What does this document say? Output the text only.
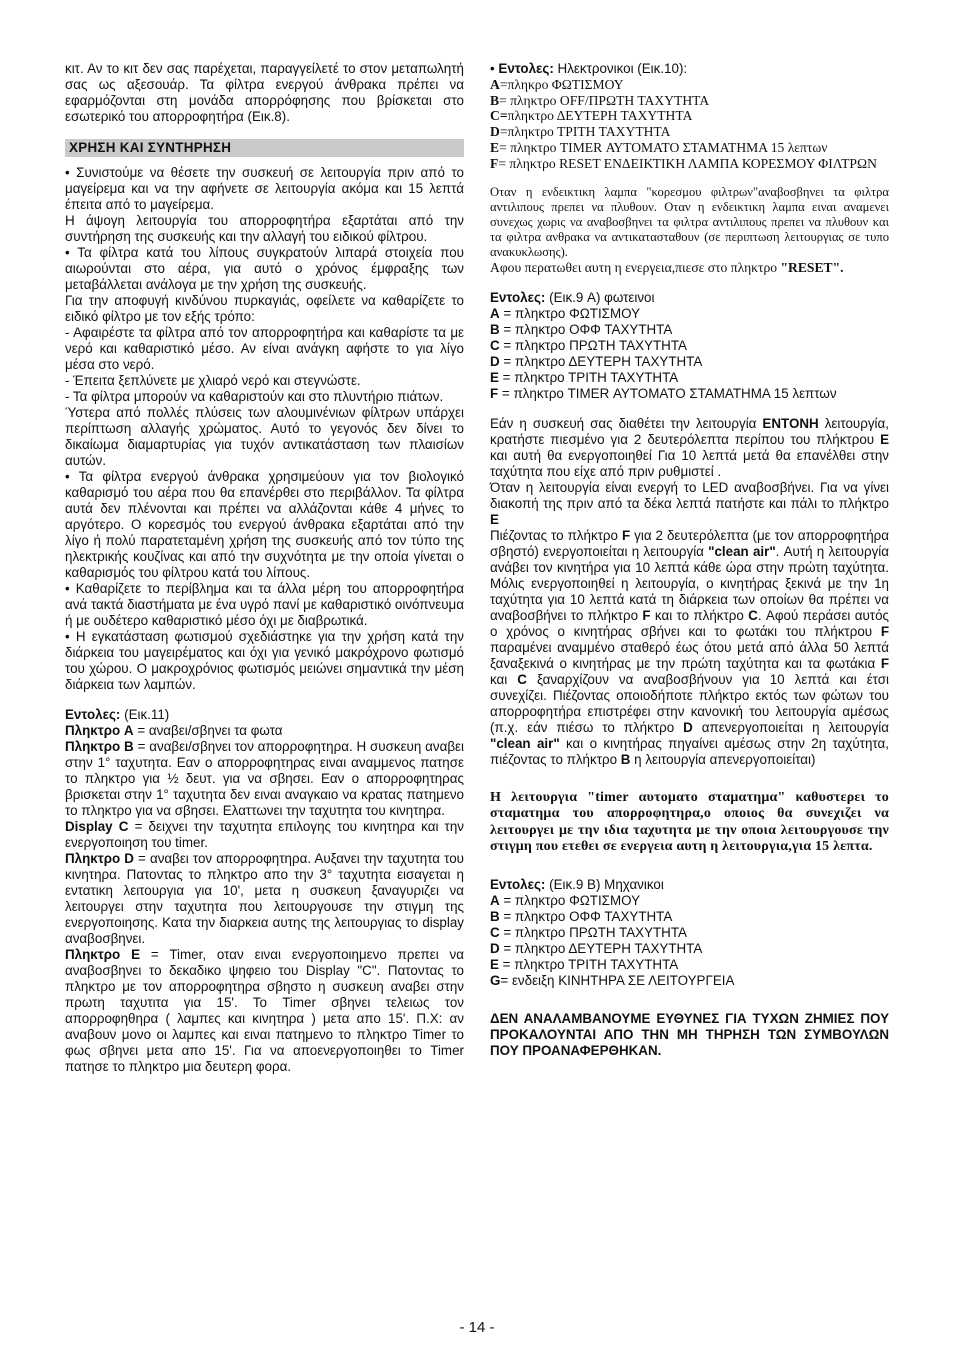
κιτ. Αν το κιτ δεν σας παρέχεται, παραγγείλετέ το στον μεταπωλητή σας ως αξεσουάρ. Τα φίλτρα ενεργού άνθρακα πρέπει να εφαρμόζονται στη μονάδα απορρόφησης που βρίσκεται στο εσωτερικό του απορροφητήρα (Εικ.8).

ΧΡΗΣΗ ΚΑΙ ΣΥΝΤΗΡΗΣΗ

• Συνιστούμε να θέσετε την συσκευή σε λειτουργία πριν από το μαγείρεμα και να την αφήνετε σε λειτουργία ακόμα και 15 λεπτά έπειτα από το μαγείρεμα.

Η άψογη λειτουργία του απορροφητήρα εξαρτάται από την συντήρηση της συσκευής και την αλλαγή του ειδικού φίλτρου.

• Τα φίλτρα κατά του λίπους συγκρατούν λιπαρά στοιχεία που αιωρούνται στο αέρα, για αυτό ο χρόνος έμφραξης των μεταβάλλεται ανάλογα με την χρήση της συσκευής.

Για την αποφυγή κινδύνου πυρκαγιάς, οφείλετε να καθαρίζετε το ειδικό φίλτρο με τον εξής τρόπο:

- Αφαιρέστε τα φίλτρα από τον απορροφητήρα και καθαρίστε τα με νερό και καθαριστικό μέσο. Αν είναι ανάγκη αφήστε το για λίγο μέσα στο νερό.

- Έπειτα ξεπλύνετε με χλιαρό νερό και στεγνώστε.

- Τα φίλτρα μπορούν να καθαριστούν και στο πλυντήριο πιάτων.

Ύστερα από πολλές πλύσεις των αλουμινένιων φίλτρων υπάρχει περίπτωση αλλαγής χρώματος. Αυτό το γεγονός δεν δίνει το δικαίωμα διαμαρτυρίας για τυχόν αντικατάσταση των πλαισίων αυτών.

• Τα φίλτρα ενεργού άνθρακα χρησιμεύουν για τον βιολογικό καθαρισμό του αέρα που θα επανέρθει στο περιβάλλον. Τα φίλτρα αυτά δεν πλένονται και πρέπει να αλλάζονται κάθε 4 μήνες το αργότερο. Ο κορεσμός του ενεργού άνθρακα εξαρτάται από την λίγο ή πολύ παρατεταμένη χρήση της συσκευής από τον τύπο της ηλεκτρικής κουζίνας και από την συχνότητα με την οποία γίνεται ο καθαρισμός του φίλτρου κατά του λίπους.

• Καθαρίζετε το περίβλημα και τα άλλα μέρη του απορροφητήρα ανά τακτά διαστήματα με ένα υγρό πανί με καθαριστικό οινόπνευμα ή με ουδέτερο καθαριστικό μέσο όχι με διαβρωτικά.

• Η εγκατάσταση φωτισμού σχεδιάστηκε για την χρήση κατά την διάρκεια του μαγειρέματος και όχι για γενικό μακρόχρονο φωτισμό του χώρου. Ο μακροχρόνιος φωτισμός μειώνει σημαντικά την μέση διάρκεια των λαμπών.

Εντολες: (Εικ.11)

Πληκτρο A = αναβει/σβηνει τα φωτα

Πληκτρο B = αναβει/σβηνει τον απορροφητηρα. Η συσκευη αναβει στην 1° ταχυτητα. Εαν ο απορροφητηρας ειναι αναμμενος πατησε το πληκτρο για ½ δευτ. για να σβησει. Εαν ο απορροφητηρας βρισκεται στην 1° ταχυτητα δεν ειναι αναγκαιο να κρατας πατημενο το πληκτρο για να σβησει. Ελαττωνει την ταχυτητα του κινητηρα.

Display C = δειχνει την ταχυτητα επιλογης του κινητηρα και την ενεργοποιηση του timer.

Πληκτρο D = αναβει τον απορροφητηρα. Αυξανει την ταχυτητα του κινητηρα. Πατοντας το πληκτρο απο την 3° ταχυτητα εισαγεται η εντατικη λειτουργια για 10', μετα η συσκευη ξαναγυριζει να λειτουργει στην ταχυτητα που λειτουργουσε την στιγμη της ενεργοποιησης. Κατα την διαρκεια αυτης της λειτουργιας το display αναβοσβηνει.

Πληκτρο E = Timer, οταν ειναι ενεργοποιημενο πρεπει να αναβοσβηνει το δεκαδικο ψηφειο του Display "C". Πατοντας το πληκτρο με τον απορροφητηρα σβηστο η συσκευη αναβει στην πρωτη ταχυτιτα για 15'. Το Timer σβηνει τελειως τον απορροφηθηρα ( λαμπες και κινητηρα ) μετα απο 15'. Π.Χ: αν αναβουν μονο οι λαμπες και ειναι πατημενο το πληκτρο Timer το φως σβηνει μετα απο 15'. Για να αποενεργοποιηθει το Timer πατησε το πληκτρο μια δευτερη φορα.

• Εντολες: Ηλεκτρονικοι (Εικ.10):

A=πληκρο ΦΩΤΙΣΜΟΥ
B= πληκτρο OFF/ΠΡΩΤΗ ΤΑΧΥΤΗΤΑ
C=πληκτρο ΔΕΥΤΕΡΗ ΤΑΧΥΤΗΤΑ
D=πληκτρο ΤΡΙΤΗ ΤΑΧΥΤΗΤΑ
E= πληκτρο TIMER ΑΥΤΟΜΑΤΟ ΣΤΑΜΑΤΗΜΑ 15 λεπτων
F= πληκτρο RESET ΕΝΔΕΙΚΤΙΚΗ ΛΑΜΠΑ ΚΟΡΕΣΜΟΥ ΦΙΛΤΡΩΝ

Οταν η ενδεικτικη λαμπα "κορεσμου φιλτρων"αναβοσβηνει τα φιλτρα αντιλιπους πρεπει να πλυθουν. Οταν η ενδεικτικη λαμπα ειναι αναμενει συνεχως χωρις να αναβοσβηνει τα φιλτρα αντιλιπους πρεπει να πλυθουν και τα φιλτρα ανθρακα να αντικατασταθουν (σε περιπτωση λειτουργιας σε τυπο ανακυκλωσης).

Αφου περατωθει αυτη η ενεργεια,πιεσε στο πληκτρο "RESET".

Εντολες: (Εικ.9 A) φωτεινοι

A = πληκτρο ΦΩΤΙΣΜΟΥ
B = πληκτρο ΟΦΦ ΤΑΧΥΤΗΤΑ
C = πληκτρο ΠΡΩΤΗ ΤΑΧΥΤΗΤΑ
D = πληκτρο ΔΕΥΤΕΡΗ ΤΑΧΥΤΗΤΑ
E = πληκτρο ΤΡΙΤΗ ΤΑΧΥΤΗΤΑ
F = πληκτρο TIMER ΑΥΤΟΜΑΤΟ ΣΤΑΜΑΤΗΜΑ 15 λεπτων

Εάν η συσκευή σας διαθέτει την λειτουργία ΕΝΤΟΝΗ λειτουργία, κρατήστε πιεσμένο για 2 δευτερόλεπτα περίπου του πλήκτρου E και αυτή θα ενεργοποιηθεί Για 10 λεπτά μετά θα επανέλθει στην ταχύτητα που είχε από πριν ρυθμιστεί .

Όταν η λειτουργία είναι ενεργή το LED αναβοσβήνει. Για να γίνει διακοπή της πριν από τα δέκα λεπτά πατήστε και πάλι το πλήκτρο E

Πιέζοντας το πλήκτρο F για 2 δευτερόλεπτα (με τον απορροφητήρα σβηστό) ενεργοποιείται η λειτουργία "clean air". Αυτή η λειτουργία ανάβει τον κινητήρα για 10 λεπτά κάθε ώρα στην πρώτη ταχύτητα. Μόλις ενεργοποιηθεί η λειτουργία, ο κινητήρας ξεκινά με την 1η ταχύτητα για 10 λεπτά κατά τη διάρκεια των οποίων θα πρέπει να αναβοσβήνει το πλήκτρο F και το πλήκτρο C. Αφού περάσει αυτός ο χρόνος ο κινητήρας σβήνει και το φωτάκι του πλήκτρου F παραμένει αναμμένο σταθερό έως ότου μετά από άλλα 50 λεπτά ξαναξεκινά ο κινητήρας με την πρώτη ταχύτητα και τα φωτάκια F και C ξαναρχίζουν να αναβοσβήνουν για 10 λεπτά και έτσι συνεχίζει. Πιέζοντας οποιοδήποτε πλήκτρο εκτός των φώτων του απορροφητήρα επιστρέφει στην κανονική του λειτουργία αμέσως (π.χ. εάν πιέσω το πλήκτρο D απενεργοποιείται η λειτουργία "clean air" και ο κινητήρας πηγαίνει αμέσως στην 2η ταχύτητα, πιέζοντας το πλήκτρο B η λειτουργία απενεργοποιείται)

Η λειτουργια "timer αυτοματο σταματημα" καθυστερει το σταματημα του απορροφητηρα,ο οποιος θα συνεχιζει να λειτουργει με την ιδια ταχυτητα με την οποια λειτουργουσε την στιγμη που ετεθει σε ενεργεια αυτη η λειτουργια,για 15 λεπτα.

Εντολες: (Εικ.9 B) Μηχανικοι

A = πληκτρο ΦΩΤΙΣΜΟΥ
B = πληκτρο ΟΦΦ ΤΑΧΥΤΗΤΑ
C = πληκτρο ΠΡΩΤΗ ΤΑΧΥΤΗΤΑ
D = πληκτρο ΔΕΥΤΕΡΗ ΤΑΧΥΤΗΤΑ
E = πληκτρο ΤΡΙΤΗ ΤΑΧΥΤΗΤΑ
G= ενδειξη ΚΙΝΗΤΗΡΑ ΣΕ ΛΕΙΤΟΥΡΓΕΙΑ

ΔΕΝ ΑΝΑΛΑΜΒΑΝΟΥΜΕ ΕΥΘΥΝΕΣ ΓΙΑ ΤΥΧΩΝ ΖΗΜΙΕΣ ΠΟΥ ΠΡΟΚΑΛΟΥΝΤΑΙ ΑΠΟ ΤΗΝ ΜΗ ΤΗΡΗΣΗ ΤΩΝ ΣΥΜΒΟΥΛΩΝ ΠΟΥ ΠΡΟΑΝΑΦΕΡΘΗΚΑΝ.

- 14 -
